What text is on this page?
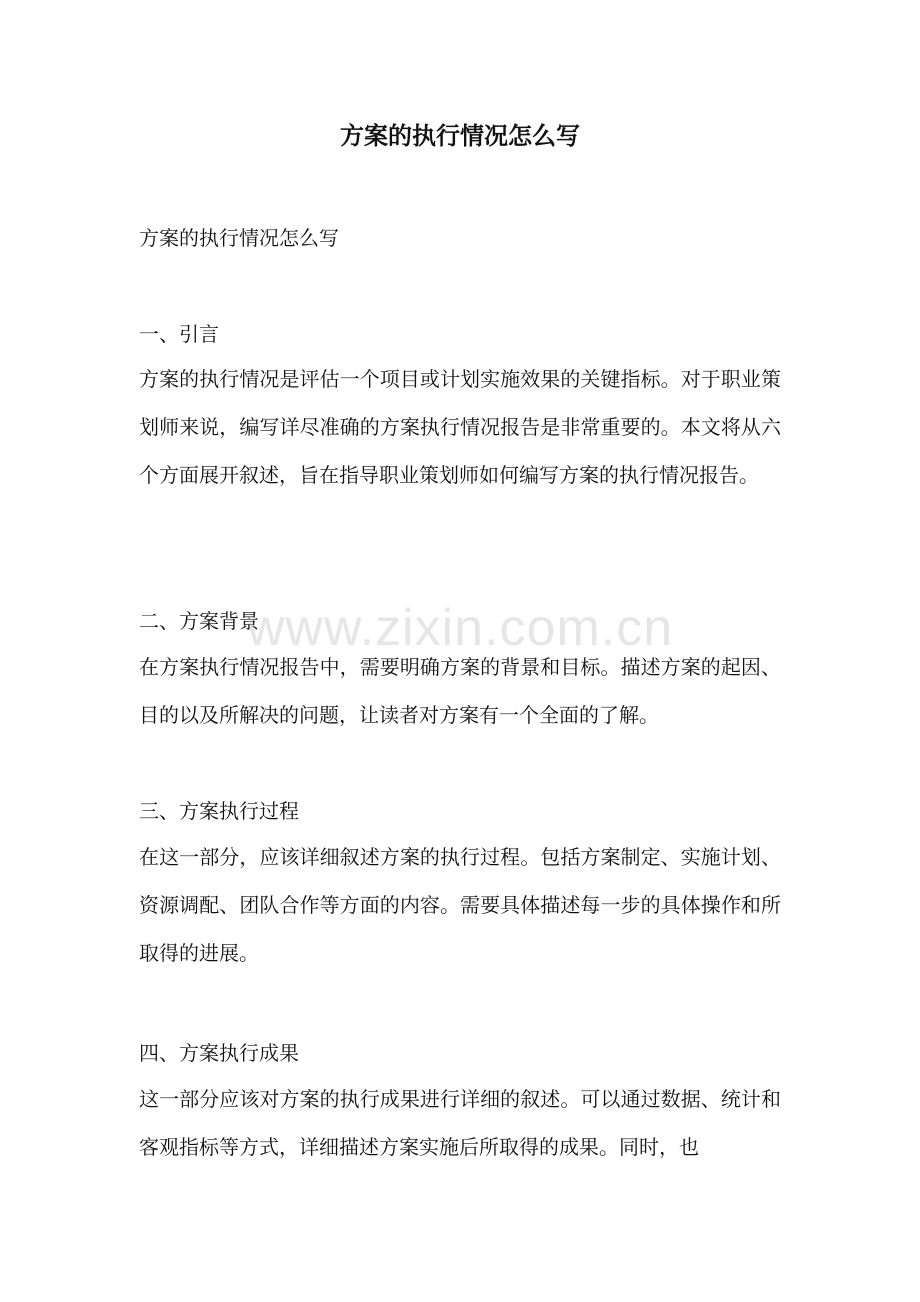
方案的执行情况怎么写
方案的执行情况怎么写
一、引言
方案的执行情况是评估一个项目或计划实施效果的关键指标。对于职业策划师来说，编写详尽准确的方案执行情况报告是非常重要的。本文将从六个方面展开叙述，旨在指导职业策划师如何编写方案的执行情况报告。
二、方案背景
在方案执行情况报告中，需要明确方案的背景和目标。描述方案的起因、目的以及所解决的问题，让读者对方案有一个全面的了解。
三、方案执行过程
在这一部分，应该详细叙述方案的执行过程。包括方案制定、实施计划、资源调配、团队合作等方面的内容。需要具体描述每一步的具体操作和所取得的进展。
四、方案执行成果
这一部分应该对方案的执行成果进行详细的叙述。可以通过数据、统计和客观指标等方式，详细描述方案实施后所取得的成果。同时，也
www.zixin.com.cn
